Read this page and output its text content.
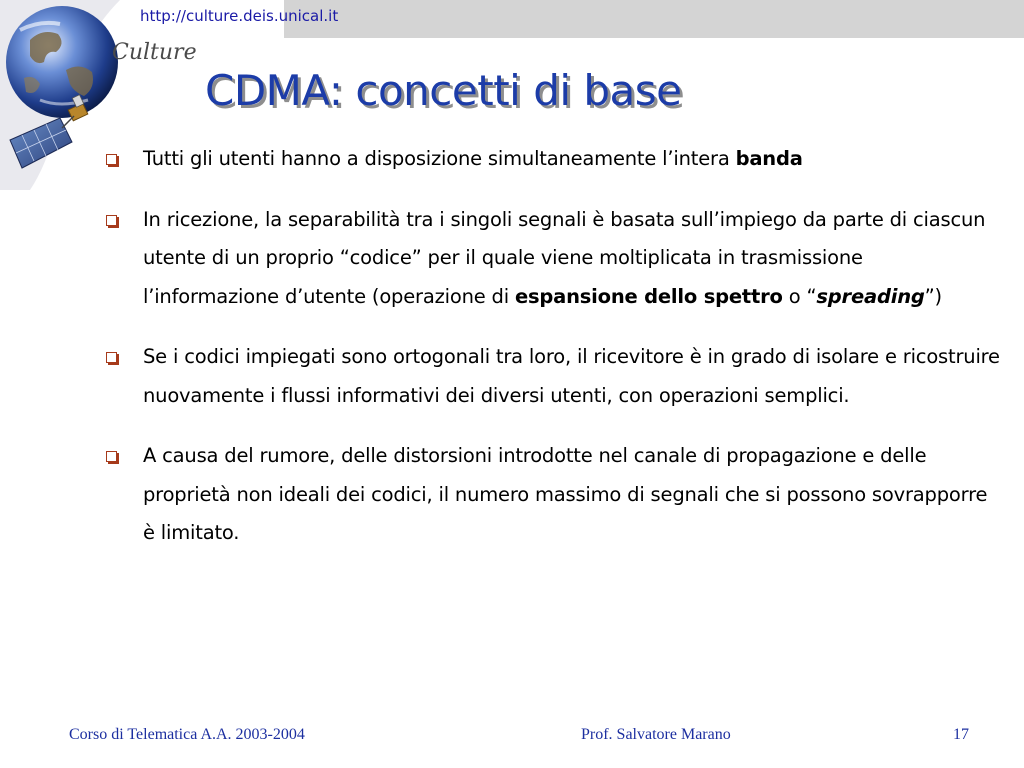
http://culture.deis.unical.it
Culture
CDMA: concetti di base
Tutti gli utenti hanno a disposizione simultaneamente l’intera banda
In ricezione, la separabilità tra i singoli segnali è basata sull’impiego da parte di ciascun utente di un proprio “codice” per il quale viene moltiplicata in trasmissione l’informazione d’utente (operazione di espansione dello spettro o “spreading”)
Se i codici impiegati sono ortogonali tra loro, il ricevitore è in grado di isolare e ricostruire nuovamente i flussi informativi dei diversi utenti, con operazioni semplici.
A causa del rumore, delle distorsioni introdotte nel canale di propagazione e delle proprietà non ideali dei codici, il numero massimo di segnali che si possono sovrapporre è limitato.
Corso di Telematica A.A. 2003-2004	Prof. Salvatore Marano	17
